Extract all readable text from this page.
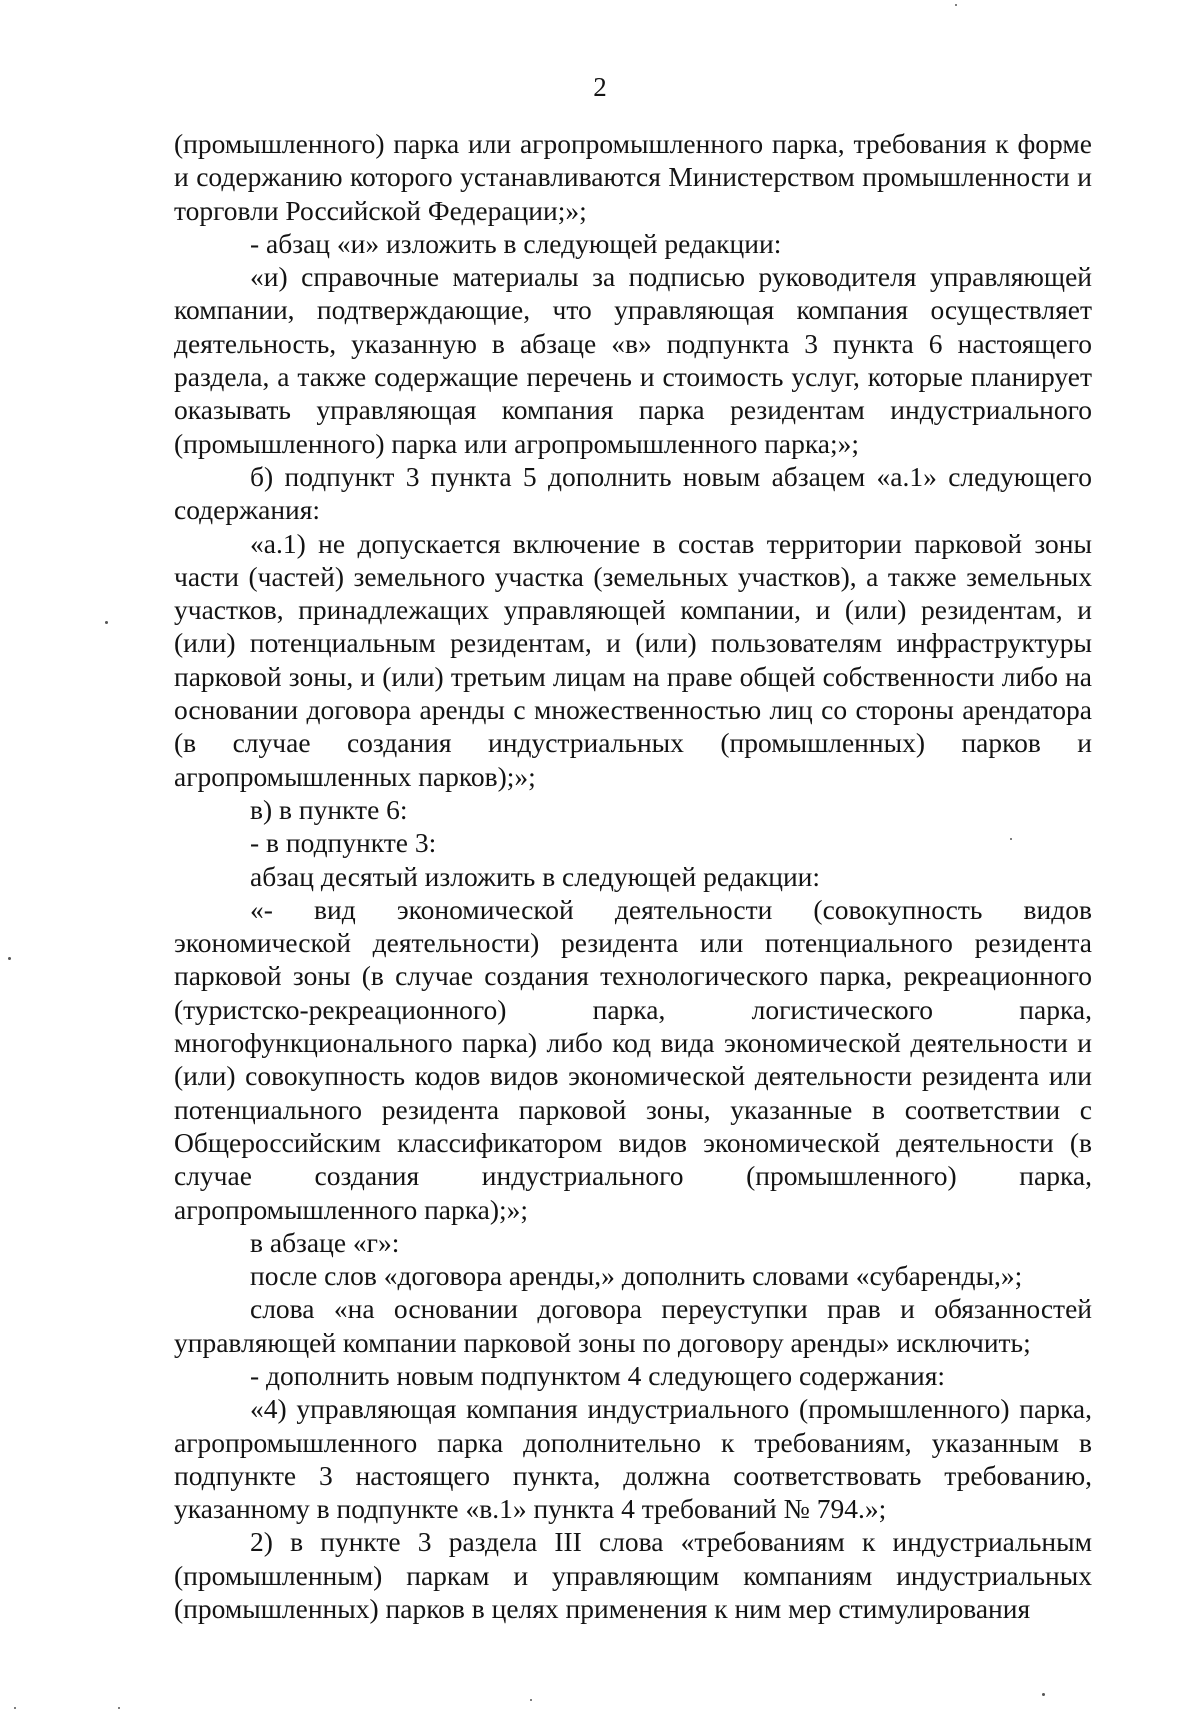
2

(промышленного) парка или агропромышленного парка, требования к форме и содержанию которого устанавливаются Министерством промышленности и торговли Российской Федерации;»;

- абзац «и» изложить в следующей редакции:

«и) справочные материалы за подписью руководителя управляющей компании, подтверждающие, что управляющая компания осуществляет деятельность, указанную в абзаце «в» подпункта 3 пункта 6 настоящего раздела, а также содержащие перечень и стоимость услуг, которые планирует оказывать управляющая компания парка резидентам индустриального (промышленного) парка или агропромышленного парка;»;

б) подпункт 3 пункта 5 дополнить новым абзацем «а.1» следующего содержания:

«а.1) не допускается включение в состав территории парковой зоны части (частей) земельного участка (земельных участков), а также земельных участков, принадлежащих управляющей компании, и (или) резидентам, и (или) потенциальным резидентам, и (или) пользователям инфраструктуры парковой зоны, и (или) третьим лицам на праве общей собственности либо на основании договора аренды с множественностью лиц со стороны арендатора (в случае создания индустриальных (промышленных) парков и агропромышленных парков);»;

в) в пункте 6:

- в подпункте 3:

абзац десятый изложить в следующей редакции:

«- вид экономической деятельности (совокупность видов экономической деятельности) резидента или потенциального резидента парковой зоны (в случае создания технологического парка, рекреационного (туристско-рекреационного) парка, логистического парка, многофункционального парка) либо код вида экономической деятельности и (или) совокупность кодов видов экономической деятельности резидента или потенциального резидента парковой зоны, указанные в соответствии с Общероссийским классификатором видов экономической деятельности (в случае создания индустриального (промышленного) парка, агропромышленного парка);»;

в абзаце «г»:

после слов «договора аренды,» дополнить словами «субаренды,»;

слова «на основании договора переуступки прав и обязанностей управляющей компании парковой зоны по договору аренды» исключить;

- дополнить новым подпунктом 4 следующего содержания:

«4) управляющая компания индустриального (промышленного) парка, агропромышленного парка дополнительно к требованиям, указанным в подпункте 3 настоящего пункта, должна соответствовать требованию, указанному в подпункте «в.1» пункта 4 требований № 794.»;

2) в пункте 3 раздела III слова «требованиям к индустриальным (промышленным) паркам и управляющим компаниям индустриальных (промышленных) парков в целях применения к ним мер стимулирования
